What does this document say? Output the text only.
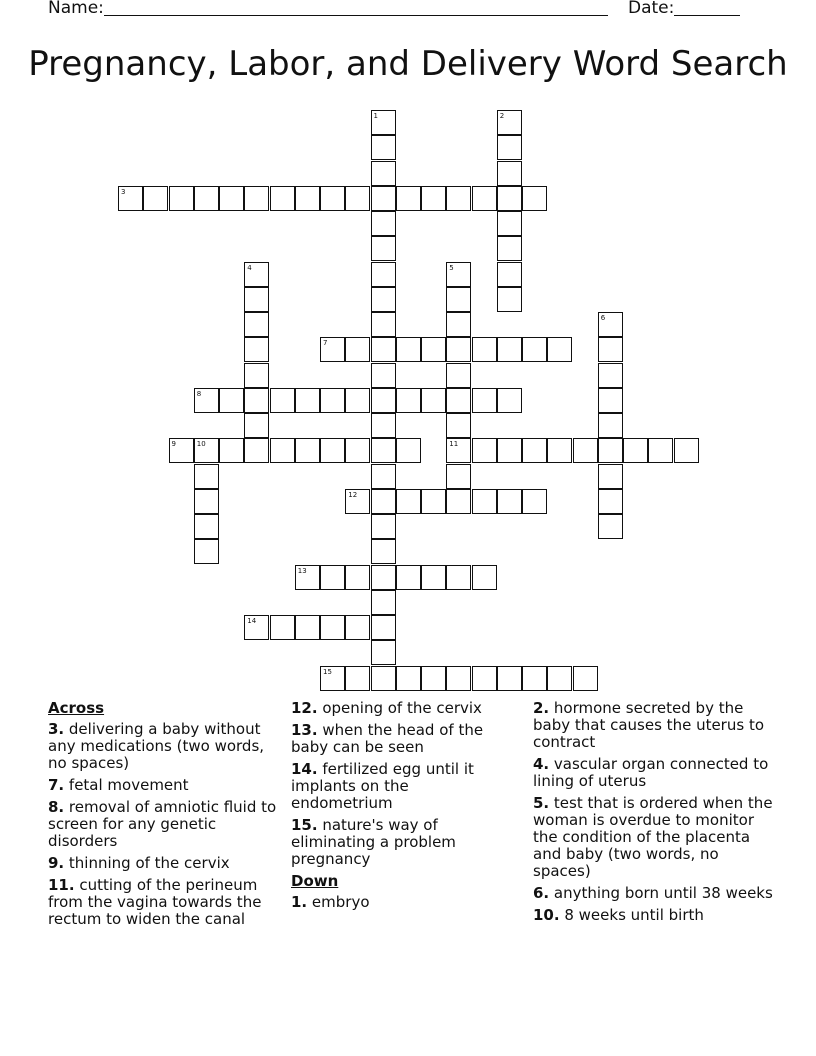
Name:	Date:
Pregnancy, Labor, and Delivery Word Search
1	2
3
4	5
11
6
7
8
9	10
12
13
14
15
Across
3. delivering a baby without any medications (two words, no spaces)
7. fetal movement
8. removal of amniotic fluid to screen for any genetic disorders
9. thinning of the cervix
11. cutting of the perineum from the vagina towards the rectum to widen the canal
12. opening of the cervix
13. when the head of the baby can be seen
14. fertilized egg until it implants on the endometrium
15. nature's way of eliminating a problem pregnancy
Down
1. embryo
2. hormone secreted by the baby that causes the uterus to contract
4. vascular organ connected to lining of uterus
5. test that is ordered when the woman is overdue to monitor the condition of the placenta and baby (two words, no spaces)
6. anything born until 38 weeks
10. 8 weeks until birth
